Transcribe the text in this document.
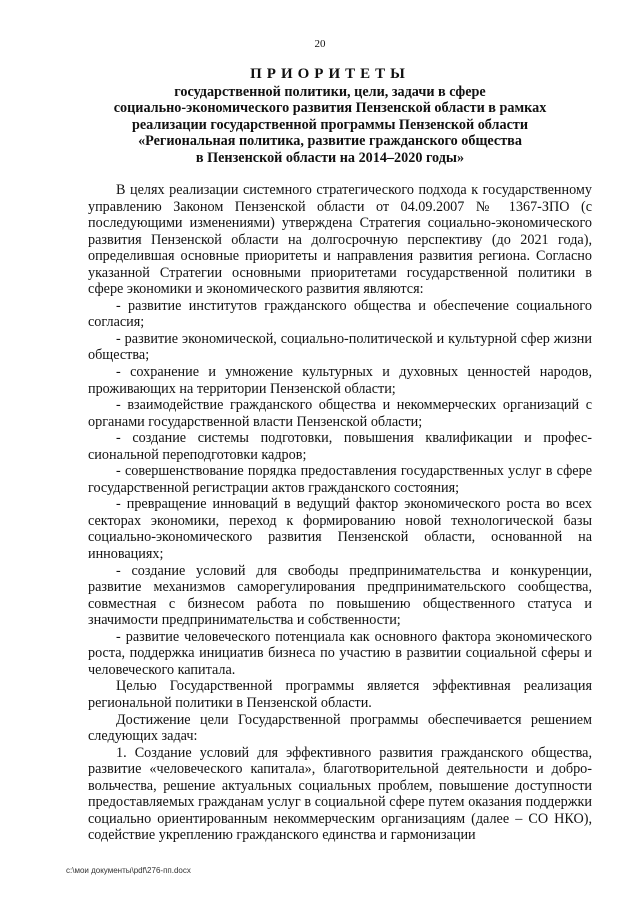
20
ПРИОРИТЕТЫ
государственной политики, цели, задачи в сфере
социально-экономического развития Пензенской области в рамках
реализации государственной программы Пензенской области
«Региональная политика, развитие гражданского общества
в Пензенской области на 2014–2020 годы»

В целях реализации системного стратегического подхода к государственному управлению Законом Пензенской области от 04.09.2007 № 1367-ЗПО (с последующими изменениями) утверждена Стратегия социально-экономического развития Пензенской области на долгосрочную перспективу (до 2021 года), определившая основные приоритеты и направления развития региона. Согласно указанной Стратегии основными приоритетами государственной политики в сфере экономики и экономического развития являются:

- развитие институтов гражданского общества и обеспечение социального согласия;

- развитие экономической, социально-политической и культурной сфер жизни общества;

- сохранение и умножение культурных и духовных ценностей народов, проживающих на территории Пензенской области;

- взаимодействие гражданского общества и некоммерческих организаций с органами государственной власти Пензенской области;

- создание системы подготовки, повышения квалификации и профессиональной переподготовки кадров;

- совершенствование порядка предоставления государственных услуг в сфере государственной регистрации актов гражданского состояния;

- превращение инноваций в ведущий фактор экономического роста во всех секторах экономики, переход к формированию новой технологической базы социально-экономического развития Пензенской области, основанной на инновациях;

- создание условий для свободы предпринимательства и конкуренции, развитие механизмов саморегулирования предпринимательского сообщества, совместная с бизнесом работа по повышению общественного статуса и значимости предпринимательства и собственности;

- развитие человеческого потенциала как основного фактора экономического роста, поддержка инициатив бизнеса по участию в развитии социальной сферы и человеческого капитала.

Целью Государственной программы является эффективная реализация региональной политики в Пензенской области.

Достижение цели Государственной программы обеспечивается решением следующих задач:

1. Создание условий для эффективного развития гражданского общества, развитие «человеческого капитала», благотворительной деятельности и добровольчества, решение актуальных социальных проблем, повышение доступности предоставляемых гражданам услуг в социальной сфере путем оказания поддержки социально ориентированным некоммерческим организациям (далее – СО НКО), содействие укреплению гражданского единства и гармонизации

c:\мои документы\pdf\276-пп.docx
